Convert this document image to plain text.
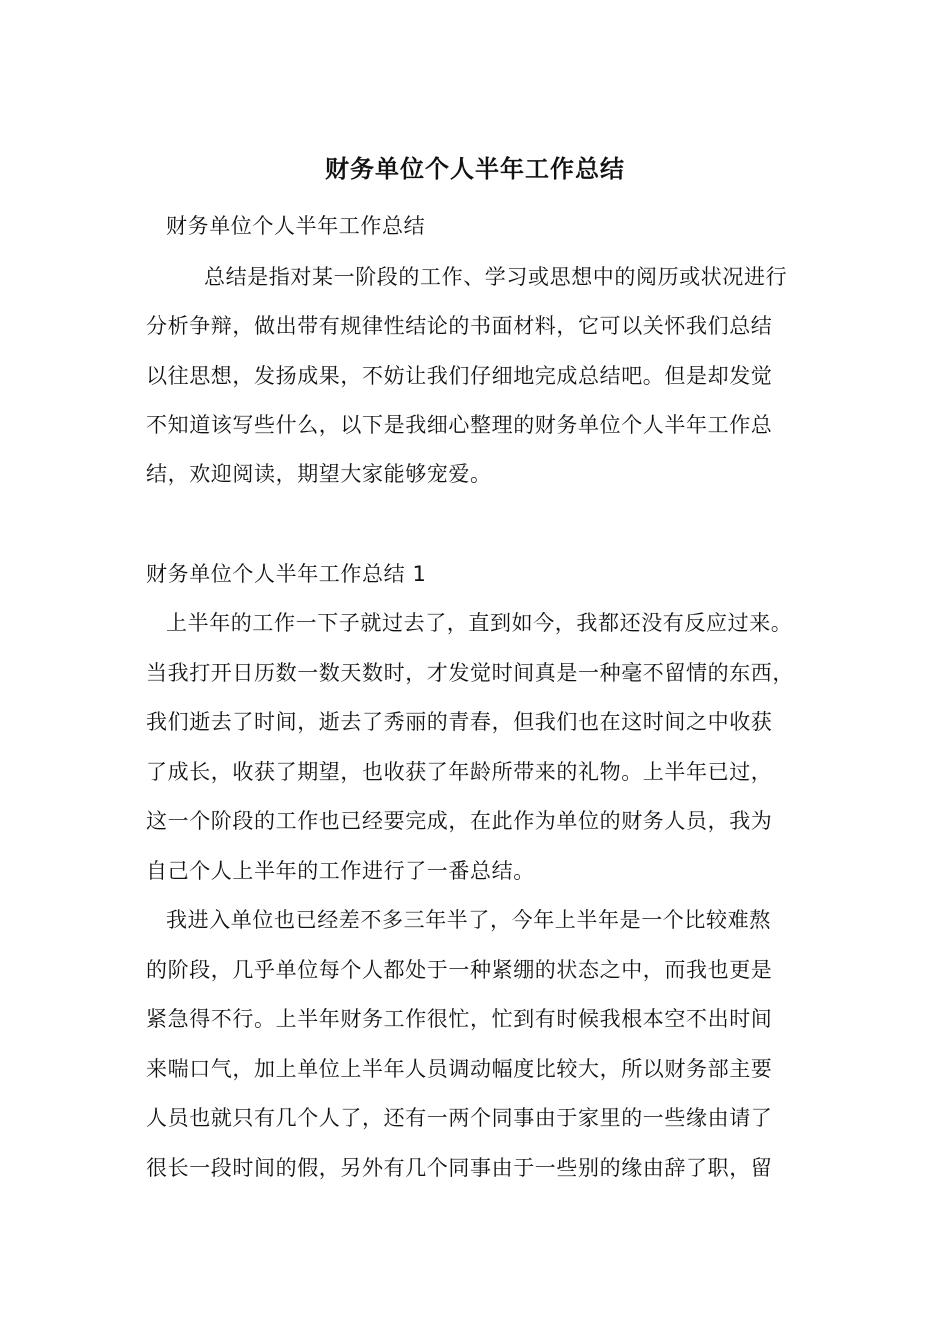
财务单位个人半年工作总结
财务单位个人半年工作总结
总结是指对某一阶段的工作、学习或思想中的阅历或状况进行
分析争辩，做出带有规律性结论的书面材料，它可以关怀我们总结
以往思想，发扬成果，不妨让我们仔细地完成总结吧。但是却发觉
不知道该写些什么，以下是我细心整理的财务单位个人半年工作总
结，欢迎阅读，期望大家能够宠爱。
财务单位个人半年工作总结 1
上半年的工作一下子就过去了，直到如今，我都还没有反应过来。
当我打开日历数一数天数时，才发觉时间真是一种毫不留情的东西，
我们逝去了时间，逝去了秀丽的青春，但我们也在这时间之中收获
了成长，收获了期望，也收获了年龄所带来的礼物。上半年已过，
这一个阶段的工作也已经要完成，在此作为单位的财务人员，我为
自己个人上半年的工作进行了一番总结。
我进入单位也已经差不多三年半了，今年上半年是一个比较难熬
的阶段，几乎单位每个人都处于一种紧绷的状态之中，而我也更是
紧急得不行。上半年财务工作很忙，忙到有时候我根本空不出时间
来喘口气，加上单位上半年人员调动幅度比较大，所以财务部主要
人员也就只有几个人了，还有一两个同事由于家里的一些缘由请了
很长一段时间的假，另外有几个同事由于一些别的缘由辞了职，留
